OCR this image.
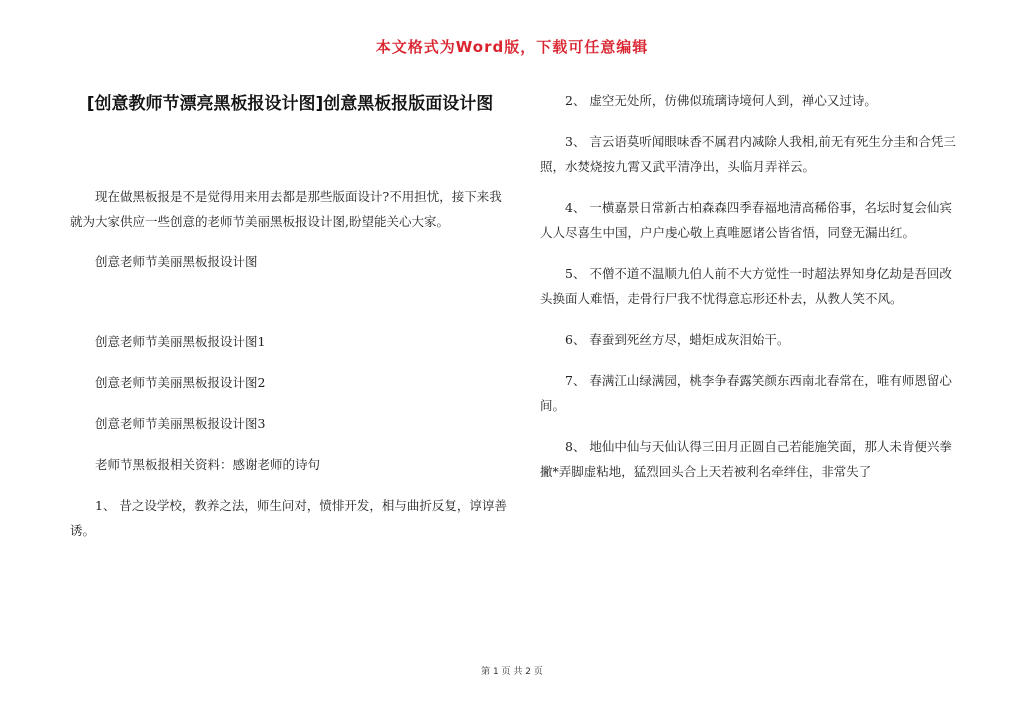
本文格式为Word版，下载可任意编辑
[创意教师节漂亮黑板报设计图]创意黑板报版面设计图

现在做黑板报是不是觉得用来用去都是那些版面设计?不用担忧，接下来我就为大家供应一些创意的老师节美丽黑板报设计图,盼望能关心大家。

创意老师节美丽黑板报设计图

创意老师节美丽黑板报设计图1

创意老师节美丽黑板报设计图2

创意老师节美丽黑板报设计图3

老师节黑板报相关资料：感谢老师的诗句

1、 昔之设学校，教养之法，师生问对，愤悱开发，相与曲折反复，谆谆善诱。

2、 虚空无处所，仿佛似琉璃诗境何人到，禅心又过诗。

3、 言云语莫听闻眼味香不属君内减除人我相,前无有死生分圭和合凭三照，水焚烧按九霄又武平清净出，头临月弄祥云。

4、 一横嘉景日常新古柏森森四季春福地清高稀俗事，名坛时复会仙宾人人尽喜生中国，户户虔心敬上真唯愿诸公皆省悟，同登无漏出红。

5、 不僧不道不温顺九伯人前不大方觉性一时超法界知身亿劫是吾回改头换面人难悟，走骨行尸我不忧得意忘形还朴去，从教人笑不风。

6、 春蚕到死丝方尽，蜡炬成灰泪始干。

7、 春满江山绿满园，桃李争春露笑颜东西南北春常在，唯有师恩留心间。

8、 地仙中仙与天仙认得三田月正圆自己若能施笑面，那人未肯便兴拳撇*弄脚虚粘地，猛烈回头合上天若被利名牵绊住，非常失了

第 1 页 共 2 页
